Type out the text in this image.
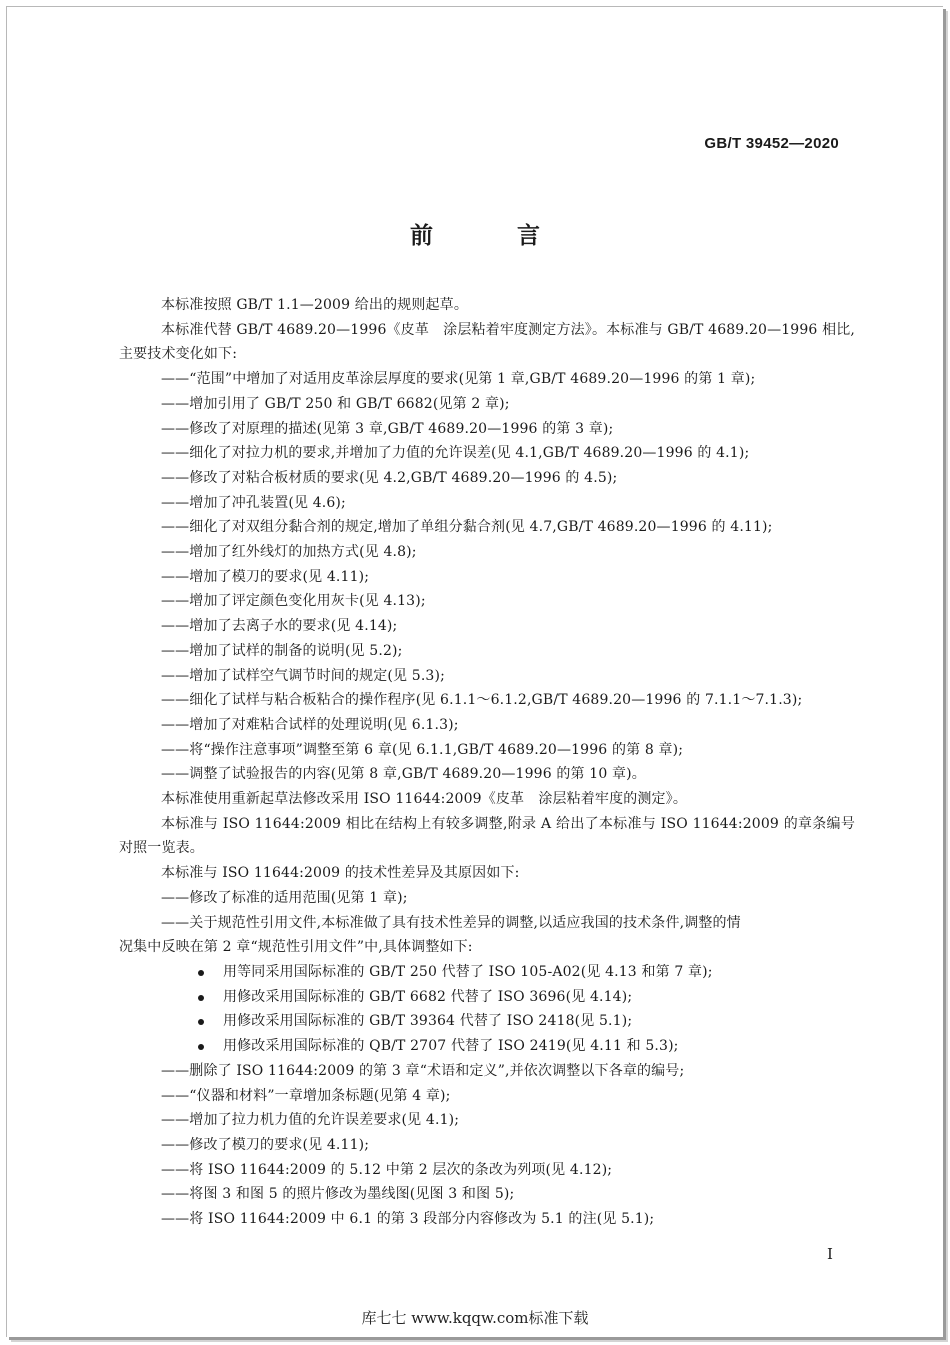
GB/T 39452—2020
前 言
本标准按照 GB/T 1.1—2009 给出的规则起草。
本标准代替 GB/T 4689.20—1996《皮革　涂层粘着牢度测定方法》。本标准与 GB/T 4689.20—1996 相比,主要技术变化如下:
——“范围”中增加了对适用皮革涂层厚度的要求(见第 1 章,GB/T 4689.20—1996 的第 1 章);
——增加引用了 GB/T 250 和 GB/T 6682(见第 2 章);
——修改了对原理的描述(见第 3 章,GB/T 4689.20—1996 的第 3 章);
——细化了对拉力机的要求,并增加了力值的允许误差(见 4.1,GB/T 4689.20—1996 的 4.1);
——修改了对粘合板材质的要求(见 4.2,GB/T 4689.20—1996 的 4.5);
——增加了冲孔装置(见 4.6);
——细化了对双组分黏合剂的规定,增加了单组分黏合剂(见 4.7,GB/T 4689.20—1996 的 4.11);
——增加了红外线灯的加热方式(见 4.8);
——增加了模刀的要求(见 4.11);
——增加了评定颜色变化用灰卡(见 4.13);
——增加了去离子水的要求(见 4.14);
——增加了试样的制备的说明(见 5.2);
——增加了试样空气调节时间的规定(见 5.3);
——细化了试样与粘合板粘合的操作程序(见 6.1.1～6.1.2,GB/T 4689.20—1996 的 7.1.1～7.1.3);
——增加了对难粘合试样的处理说明(见 6.1.3);
——将“操作注意事项”调整至第 6 章(见 6.1.1,GB/T 4689.20—1996 的第 8 章);
——调整了试验报告的内容(见第 8 章,GB/T 4689.20—1996 的第 10 章)。
本标准使用重新起草法修改采用 ISO 11644:2009《皮革　涂层粘着牢度的测定》。
本标准与 ISO 11644:2009 相比在结构上有较多调整,附录 A 给出了本标准与 ISO 11644:2009 的章条编号对照一览表。
本标准与 ISO 11644:2009 的技术性差异及其原因如下:
——修改了标准的适用范围(见第 1 章);
——关于规范性引用文件,本标准做了具有技术性差异的调整,以适应我国的技术条件,调整的情
况集中反映在第 2 章“规范性引用文件”中,具体调整如下:
用等同采用国际标准的 GB/T 250 代替了 ISO 105-A02(见 4.13 和第 7 章);
用修改采用国际标准的 GB/T 6682 代替了 ISO 3696(见 4.14);
用修改采用国际标准的 GB/T 39364 代替了 ISO 2418(见 5.1);
用修改采用国际标准的 QB/T 2707 代替了 ISO 2419(见 4.11 和 5.3);
——删除了 ISO 11644:2009 的第 3 章“术语和定义”,并依次调整以下各章的编号;
——“仪器和材料”一章增加条标题(见第 4 章);
——增加了拉力机力值的允许误差要求(见 4.1);
——修改了模刀的要求(见 4.11);
——将 ISO 11644:2009 的 5.12 中第 2 层次的条改为列项(见 4.12);
——将图 3 和图 5 的照片修改为墨线图(见图 3 和图 5);
——将 ISO 11644:2009 中 6.1 的第 3 段部分内容修改为 5.1 的注(见 5.1);
I
库七七 www.kqqw.com标准下载
